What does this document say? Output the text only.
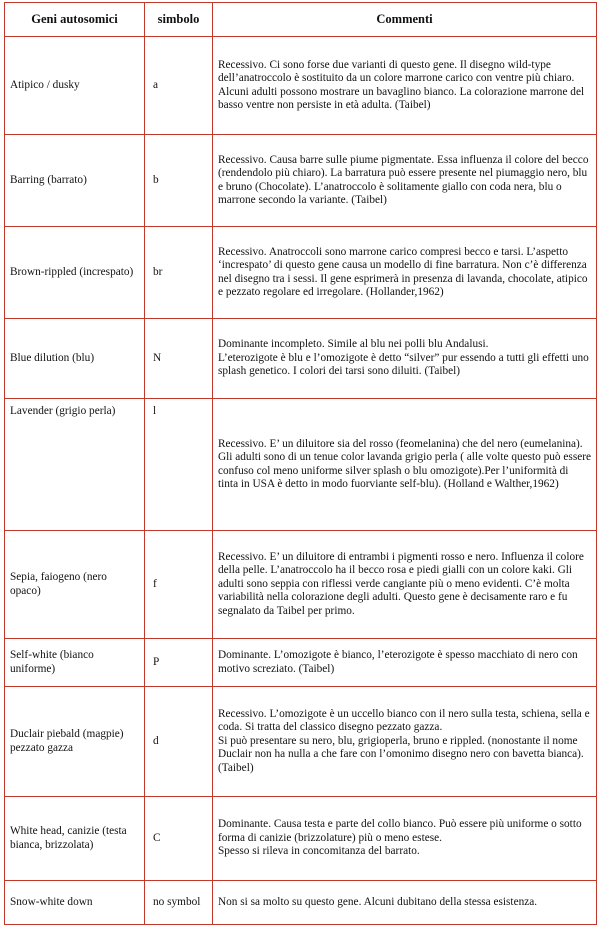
Geni autosomici	simbolo	Commenti
Atipico / dusky	a	Recessivo. Ci sono forse due varianti di questo gene. Il disegno wild-type dell’anatroccolo è sostituito da un colore marrone carico con ventre più chiaro. Alcuni adulti possono mostrare un bavaglino bianco. La colorazione marrone del basso ventre non persiste in età adulta. (Taibel)

Barring (barrato)	b	Recessivo. Causa barre sulle piume pigmentate. Essa influenza il colore del becco (rendendolo più chiaro). La barratura può essere presente nel piumaggio nero, blu e bruno (Chocolate). L’anatroccolo è solitamente giallo con coda nera, blu o marrone secondo la variante. (Taibel)

Brown-rippled (increspato)	br	Recessivo. Anatroccoli sono marrone carico compresi becco e tarsi. L’aspetto ‘increspato’ di questo gene causa un modello di fine barratura. Non c’è differenza nel disegno tra i sessi. Il gene esprimerà in presenza di lavanda, chocolate, atipico e pezzato regolare ed irregolare. (Hollander,1962)

Blue dilution (blu)	N	Dominante incompleto. Simile al blu nei polli blu Andalusi.
L’eterozigote è blu e l’omozigote è detto “silver” pur essendo a tutti gli effetti uno splash genetico. I colori dei tarsi sono diluiti. (Taibel)

Lavender (grigio perla)	l	Recessivo. E’ un diluitore sia del rosso (feomelanina) che del nero (eumelanina). Gli adulti sono di un tenue color lavanda grigio perla ( alle volte questo può essere confuso col meno uniforme silver splash o blu omozigote).Per l’uniformità di tinta in USA è detto in modo fuorviante self-blu). (Holland e Walther,1962)

Sepia, faiogeno (nero opaco)	f	Recessivo. E’ un diluitore di entrambi i pigmenti rosso e nero. Influenza il colore della pelle. L’anatroccolo ha il becco rosa e piedi gialli con un colore kaki. Gli adulti sono seppia con riflessi verde cangiante più o meno evidenti. C’è molta variabilità nella colorazione degli adulti. Questo gene è decisamente raro e fu segnalato da Taibel per primo.

Self-white (bianco uniforme)	P	Dominante. L’omozigote è bianco, l’eterozigote è spesso macchiato di nero con motivo screziato. (Taibel)

Duclair piebald (magpie) pezzato gazza	d	Recessivo. L’omozigote è un uccello bianco con il nero sulla testa, schiena, sella e coda. Si tratta del classico disegno pezzato gazza.
Si può presentare su nero, blu, grigioperla, bruno e rippled. (nonostante il nome Duclair non ha nulla a che fare con l’omonimo disegno nero con bavetta bianca). (Taibel)

White head, canizie (testa bianca, brizzolata)	C	Dominante. Causa testa e parte del collo bianco. Può essere più uniforme o sotto forma di canizie (brizzolature) più o meno estese.
Spesso si rileva in concomitanza del barrato.

Snow-white down	no symbol	Non si sa molto su questo gene. Alcuni dubitano della stessa esistenza.
